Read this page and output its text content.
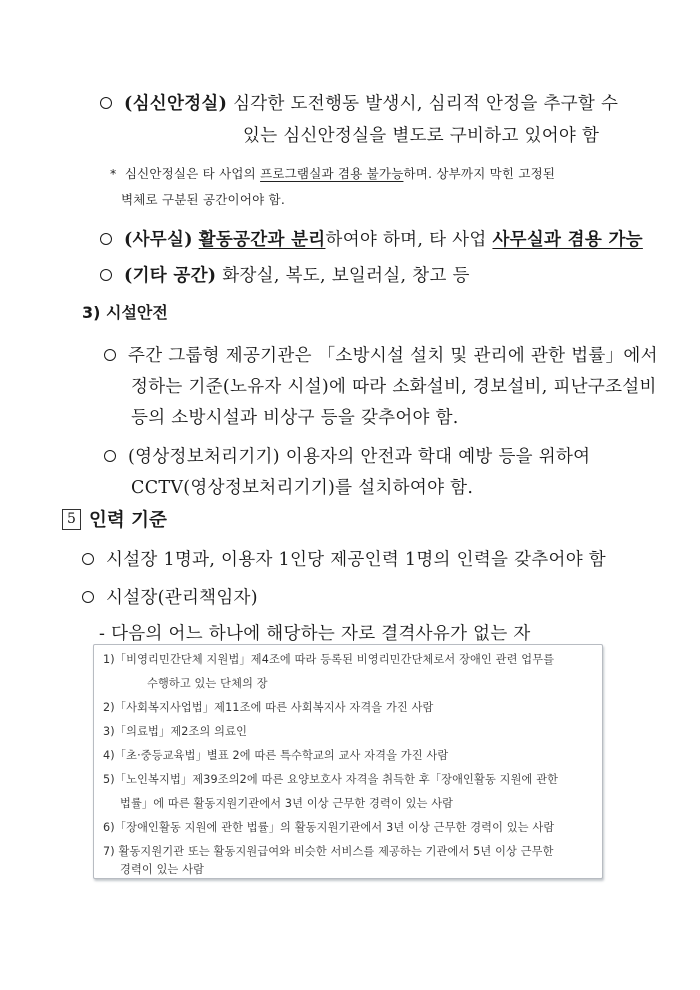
(심신안정실) 심각한 도전행동 발생시, 심리적 안정을 추구할 수
있는 심신안정실을 별도로 구비하고 있어야 함
* 심신안정실은 타 사업의 프로그램실과 겸용 불가능하며. 상부까지 막힌 고정된
벽체로 구분된 공간이어야 함.
(사무실) 활동공간과 분리하여야 하며, 타 사업 사무실과 겸용 가능
(기타 공간) 화장실, 복도, 보일러실, 창고 등
3) 시설안전
주간 그룹형 제공기관은 「소방시설 설치 및 관리에 관한 법률」에서
정하는 기준(노유자 시설)에 따라 소화설비, 경보설비, 피난구조설비
등의 소방시설과 비상구 등을 갖추어야 함.
(영상정보처리기기) 이용자의 안전과 학대 예방 등을 위하여
CCTV(영상정보처리기기)를 설치하여야 함.
5 인력 기준
시설장 1명과, 이용자 1인당 제공인력 1명의 인력을 갖추어야 함
시설장(관리책임자)
- 다음의 어느 하나에 해당하는 자로 결격사유가 없는 자
1)「비영리민간단체 지원법」제4조에 따라 등록된 비영리민간단체로서 장애인 관련 업무를
수행하고 있는 단체의 장
2)「사회복지사업법」제11조에 따른 사회복지사 자격을 가진 사람
3)「의료법」제2조의 의료인
4)「초·중등교육법」별표 2에 따른 특수학교의 교사 자격을 가진 사람
5)「노인복지법」제39조의2에 따른 요양보호사 자격을 취득한 후「장애인활동 지원에 관한
법률」에 따른 활동지원기관에서 3년 이상 근무한 경력이 있는 사람
6)「장애인활동 지원에 관한 법률」의 활동지원기관에서 3년 이상 근무한 경력이 있는 사람
7) 활동지원기관 또는 활동지원급여와 비슷한 서비스를 제공하는 기관에서 5년 이상 근무한
경력이 있는 사람
